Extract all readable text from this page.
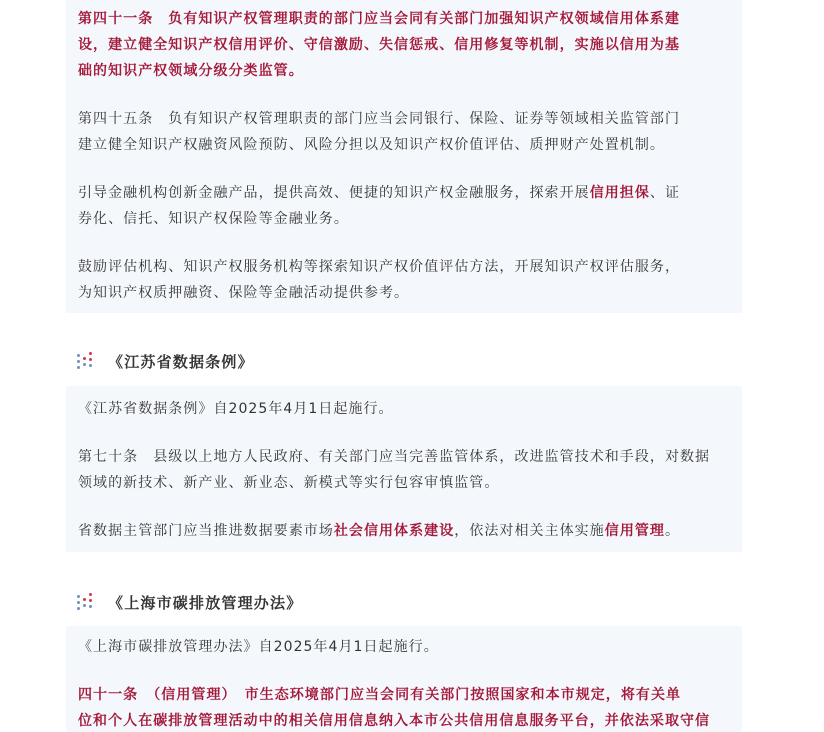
第四十一条　负有知识产权管理职责的部门应当会同有关部门加强知识产权领域信用体系建

设，建立健全知识产权信用评价、守信激励、失信惩戒、信用修复等机制，实施以信用为基

础的知识产权领域分级分类监管。

第四十五条　负有知识产权管理职责的部门应当会同银行、保险、证券等领域相关监管部门

建立健全知识产权融资风险预防、风险分担以及知识产权价值评估、质押财产处置机制。

引导金融机构创新金融产品，提供高效、便捷的知识产权金融服务，探索开展信用担保、证

券化、信托、知识产权保险等金融业务。

鼓励评估机构、知识产权服务机构等探索知识产权价值评估方法，开展知识产权评估服务，

为知识产权质押融资、保险等金融活动提供参考。

《江苏省数据条例》

《江苏省数据条例》自2025年4月1日起施行。

第七十条　县级以上地方人民政府、有关部门应当完善监管体系，改进监管技术和手段，对数据

领域的新技术、新产业、新业态、新模式等实行包容审慎监管。

省数据主管部门应当推进数据要素市场社会信用体系建设，依法对相关主体实施信用管理。

《上海市碳排放管理办法》

《上海市碳排放管理办法》自2025年4月1日起施行。

四十一条　（信用管理）　市生态环境部门应当会同有关部门按照国家和本市规定，将有关单

位和个人在碳排放管理活动中的相关信用信息纳入本市公共信用信息服务平台，并依法采取守信
